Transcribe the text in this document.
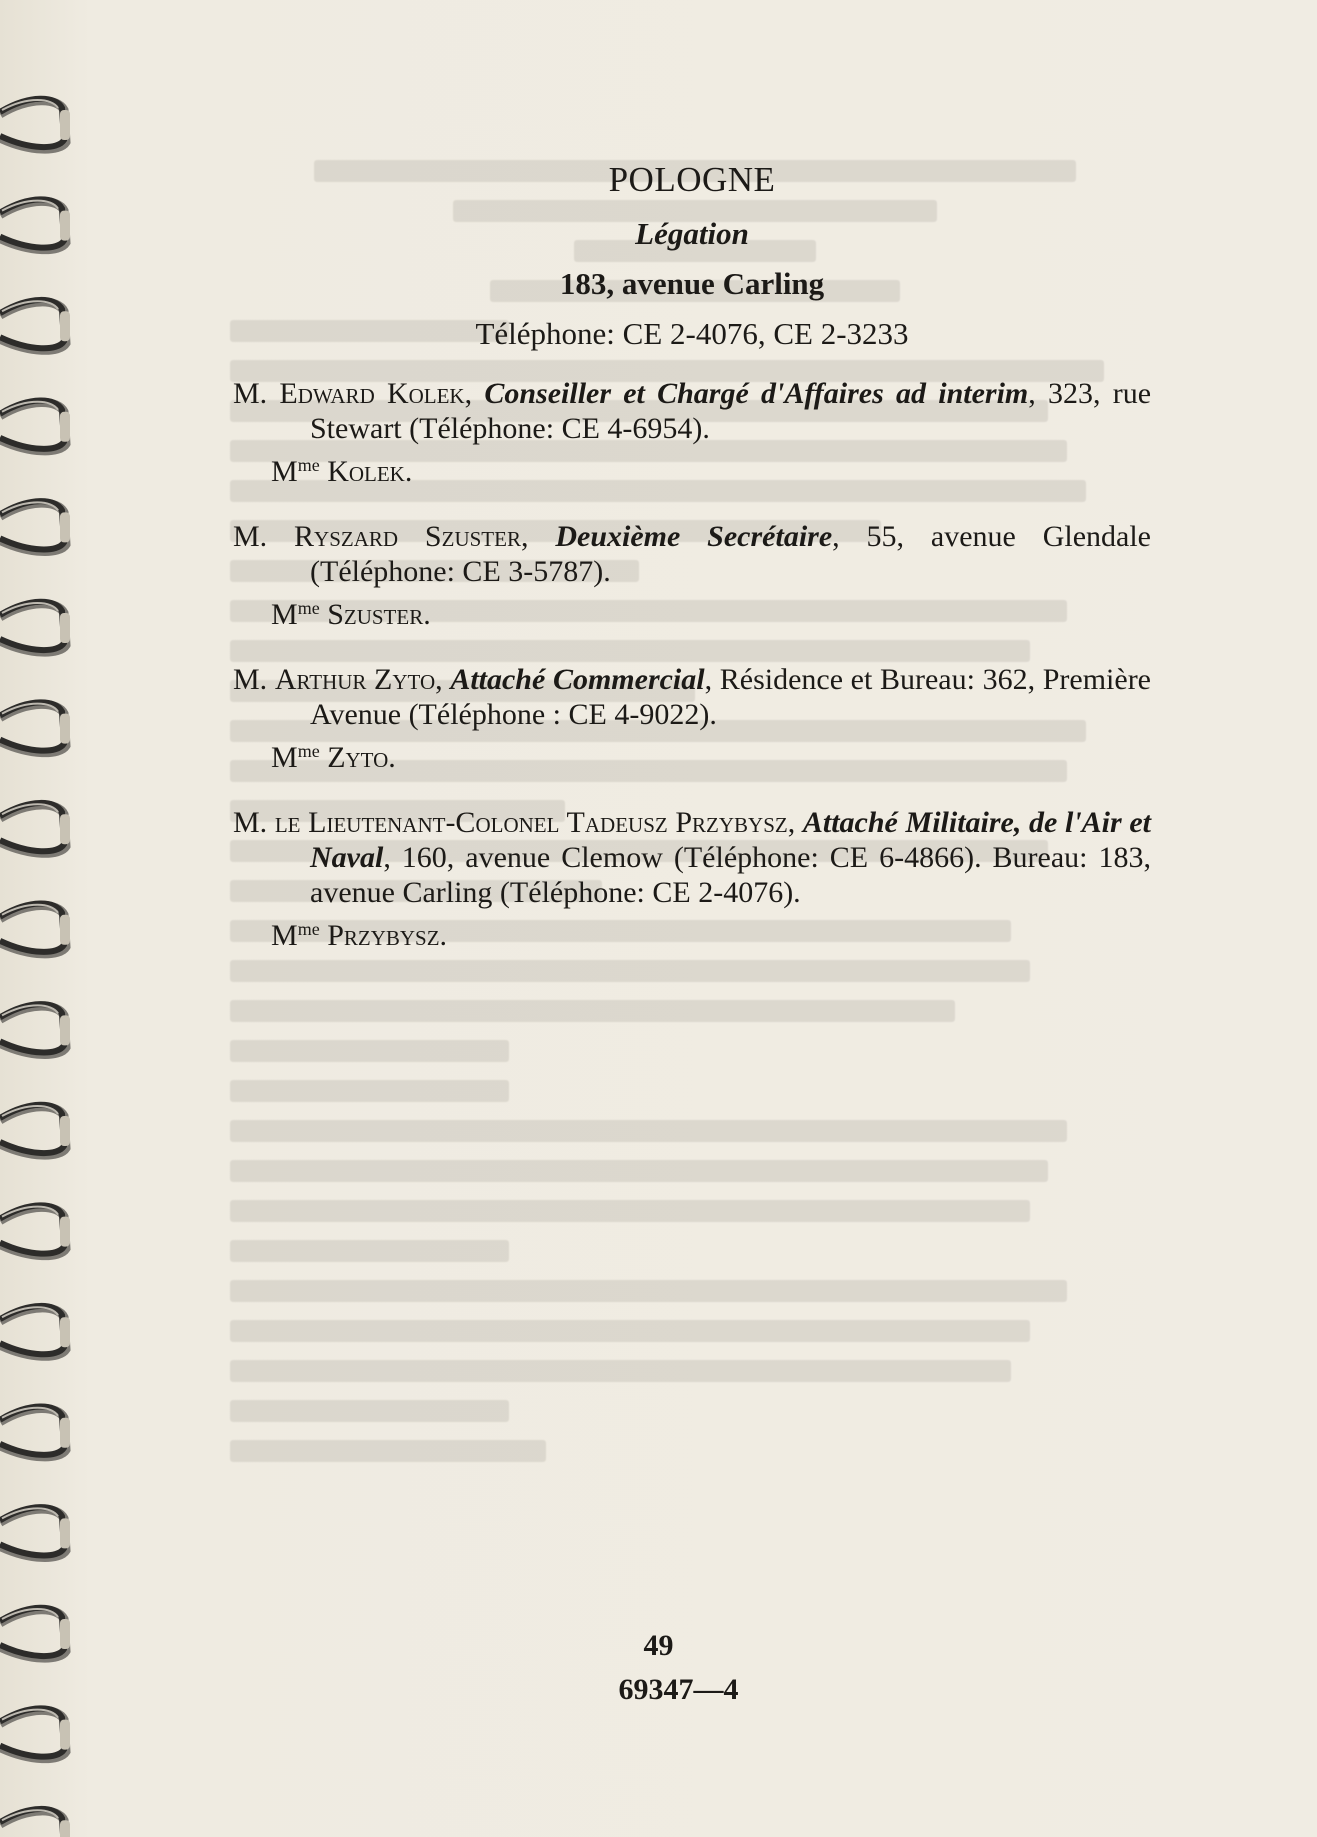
POLOGNE
Légation
183, avenue Carling
Téléphone: CE 2-4076, CE 2-3233
M. Edward Kolek, Conseiller et Chargé d'Affaires ad interim, 323, rue Stewart (Téléphone: CE 4-6954).
$M^{me}$ Kolek.
M. Ryszard Szuster, Deuxième Secrétaire, 55, avenue Glendale (Téléphone: CE 3-5787).
$M^{me}$ Szuster.
M. Arthur Zyto, Attaché Commercial, Résidence et Bureau: 362, Première Avenue (Téléphone : CE 4-9022).
$M^{me}$ Zyto.
M. le Lieutenant-Colonel Tadeusz Przybysz, Attaché Militaire, de l'Air et Naval, 160, avenue Clemow (Téléphone: CE 6-4866). Bureau: 183, avenue Carling (Téléphone: CE 2-4076).
$M^{me}$ Przybysz.
49
69347—4
